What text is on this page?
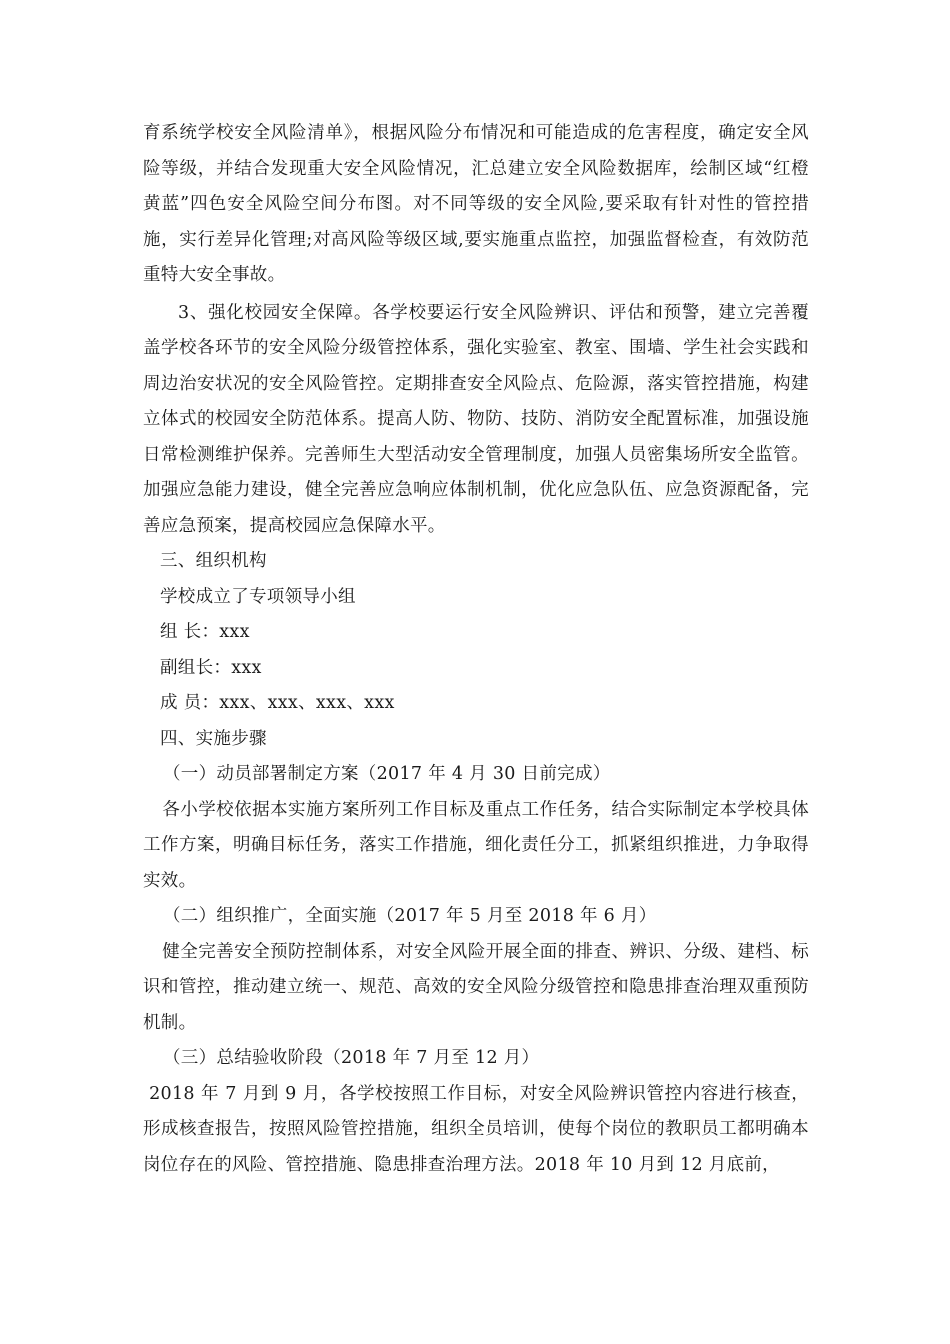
育系统学校安全风险清单》，根据风险分布情况和可能造成的危害程度，确定安全风险等级，并结合发现重大安全风险情况，汇总建立安全风险数据库，绘制区域“红橙黄蓝”四色安全风险空间分布图。对不同等级的安全风险,要采取有针对性的管控措施，实行差异化管理;对高风险等级区域,要实施重点监控，加强监督检查，有效防范重特大安全事故。

3、强化校园安全保障。各学校要运行安全风险辨识、评估和预警，建立完善覆盖学校各环节的安全风险分级管控体系，强化实验室、教室、围墙、学生社会实践和周边治安状况的安全风险管控。定期排查安全风险点、危险源，落实管控措施，构建立体式的校园安全防范体系。提高人防、物防、技防、消防安全配置标准，加强设施日常检测维护保养。完善师生大型活动安全管理制度，加强人员密集场所安全监管。加强应急能力建设，健全完善应急响应体制机制，优化应急队伍、应急资源配备，完善应急预案，提高校园应急保障水平。

三、组织机构

学校成立了专项领导小组

组 长：xxx

副组长：xxx

成 员：xxx、xxx、xxx、xxx

四、实施步骤

（一）动员部署制定方案（2017 年 4 月 30 日前完成）

各小学校依据本实施方案所列工作目标及重点工作任务，结合实际制定本学校具体工作方案，明确目标任务，落实工作措施，细化责任分工，抓紧组织推进，力争取得实效。

（二）组织推广，全面实施（2017 年 5 月至 2018 年 6 月）

健全完善安全预防控制体系，对安全风险开展全面的排查、辨识、分级、建档、标识和管控，推动建立统一、规范、高效的安全风险分级管控和隐患排查治理双重预防机制。

（三）总结验收阶段（2018 年 7 月至 12 月）

2018 年 7 月到 9 月，各学校按照工作目标，对安全风险辨识管控内容进行核查，形成核查报告，按照风险管控措施，组织全员培训，使每个岗位的教职员工都明确本岗位存在的风险、管控措施、隐患排查治理方法。2018 年 10 月到 12 月底前，
